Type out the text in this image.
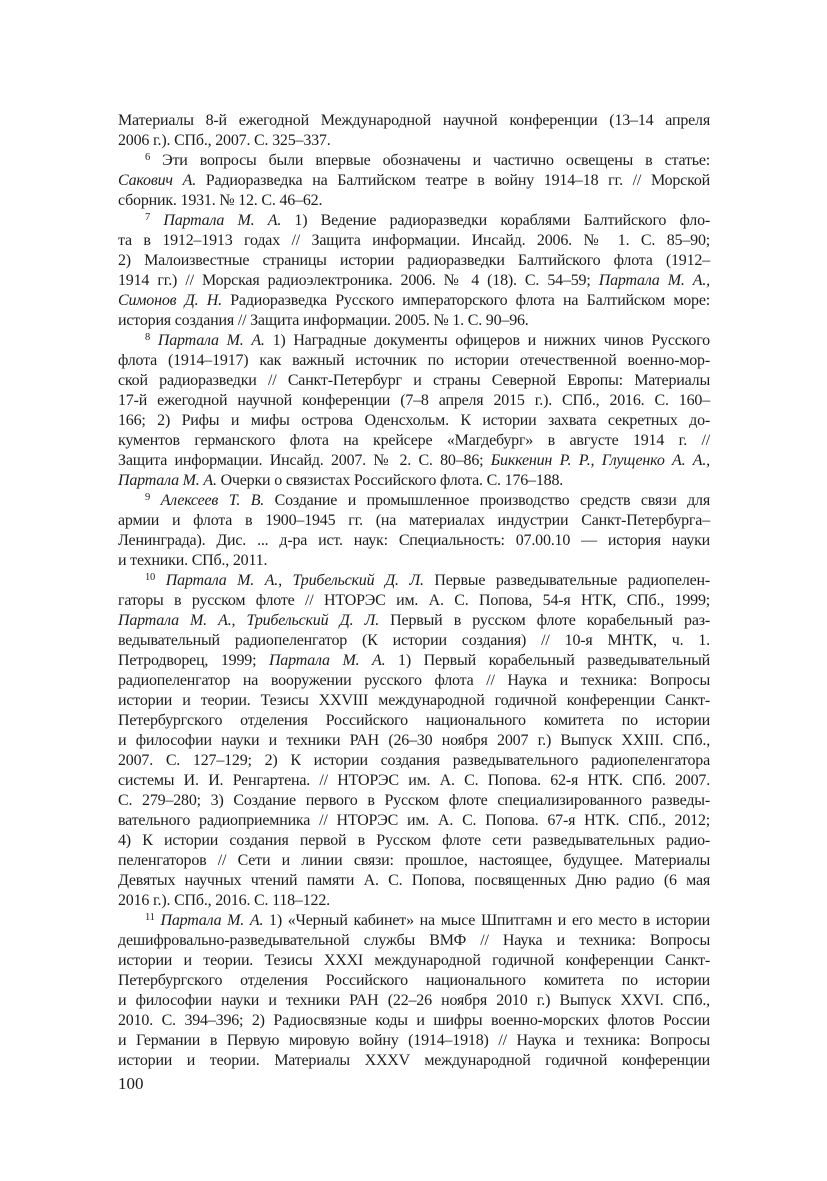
Материалы 8-й ежегодной Международной научной конференции (13–14 апреля
2006 г.). СПб., 2007. С. 325–337.

$^6$ Эти вопросы были впервые обозначены и частично освещены в статье:
Сакович А. Радиоразведка на Балтийском театре в войну 1914–18 гг. // Морской
сборник. 1931. № 12. С. 46–62.

$^7$ Партала М. А. 1) Ведение радиоразведки кораблями Балтийского фло-
та в 1912–1913 годах // Защита информации. Инсайд. 2006. № 1. С. 85–90;
2) Малоизвестные страницы истории радиоразведки Балтийского флота (1912–
1914 гг.) // Морская радиоэлектроника. 2006. № 4 (18). С. 54–59; Партала М. А.,
Симонов Д. Н. Радиоразведка Русского императорского флота на Балтийском море:
история создания // Защита информации. 2005. № 1. С. 90–96.

$^8$ Партала М. А. 1) Наградные документы офицеров и нижних чинов Русского
флота (1914–1917) как важный источник по истории отечественной военно-мор-
ской радиоразведки // Санкт-Петербург и страны Северной Европы: Материалы
17-й ежегодной научной конференции (7–8 апреля 2015 г.). СПб., 2016. С. 160–
166; 2) Рифы и мифы острова Оденсхольм. К истории захвата секретных до-
кументов германского флота на крейсере «Магдебург» в августе 1914 г. //
Защита информации. Инсайд. 2007. № 2. С. 80–86; Биккенин Р. Р., Глущенко А. А.,
Партала М. А. Очерки о связистах Российского флота. С. 176–188.

$^9$ Алексеев Т. В. Создание и промышленное производство средств связи для
армии и флота в 1900–1945 гг. (на материалах индустрии Санкт-Петербурга–
Ленинграда). Дис. ... д-ра ист. наук: Специальность: 07.00.10 — история науки
и техники. СПб., 2011.

$^{10}$ Партала М. А., Трибельский Д. Л. Первые разведывательные радиопелен-
гаторы в русском флоте // НТОРЭС им. А. С. Попова, 54-я НТК, СПб., 1999;
Партала М. А., Трибельский Д. Л. Первый в русском флоте корабельный раз-
ведывательный радиопеленгатор (К истории создания) // 10-я МНТК, ч. 1.
Петродворец, 1999; Партала М. А. 1) Первый корабельный разведывательный
радиопеленгатор на вооружении русского флота // Наука и техника: Вопросы
истории и теории. Тезисы XXVIII международной годичной конференции Санкт-
Петербургского отделения Российского национального комитета по истории
и философии науки и техники РАН (26–30 ноября 2007 г.) Выпуск XXIII. СПб.,
2007. С. 127–129; 2) К истории создания разведывательного радиопеленгатора
системы И. И. Ренгартена. // НТОРЭС им. А. С. Попова. 62-я НТК. СПб. 2007.
С. 279–280; 3) Создание первого в Русском флоте специализированного разведы-
вательного радиоприемника // НТОРЭС им. А. С. Попова. 67-я НТК. СПб., 2012;
4) К истории создания первой в Русском флоте сети разведывательных радио-
пеленгаторов // Сети и линии связи: прошлое, настоящее, будущее. Материалы
Девятых научных чтений памяти А. С. Попова, посвященных Дню радио (6 мая
2016 г.). СПб., 2016. С. 118–122.

$^{11}$ Партала М. А. 1) «Черный кабинет» на мысе Шпитгамн и его место в истории
дешифровально-разведывательной службы ВМФ // Наука и техника: Вопросы
истории и теории. Тезисы XXXI международной годичной конференции Санкт-
Петербургского отделения Российского национального комитета по истории
и философии науки и техники РАН (22–26 ноября 2010 г.) Выпуск XXVI. СПб.,
2010. С. 394–396; 2) Радиосвязные коды и шифры военно-морских флотов России
и Германии в Первую мировую войну (1914–1918) // Наука и техника: Вопросы
истории и теории. Материалы XXXV международной годичной конференции

100
